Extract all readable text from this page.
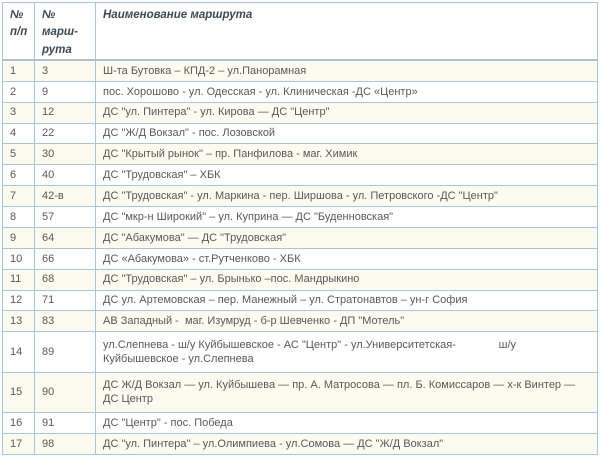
№ п/п	№ марш-рута	Наименование маршрута
1	3	Ш-та Бутовка – КПД-2 – ул.Панорамная
2	9	пос. Хорошово - ул. Одесская - ул. Клиническая -ДС «Центр»
3	12	ДС "ул. Пинтера" - ул. Кирова — ДС "Центр"
4	22	ДС "Ж/Д Вокзал" - пос. Лозовской
5	30	ДС "Крытый рынок" – пр. Панфилова - маг. Химик
6	40	ДС "Трудовская" – ХБК
7	42-в	ДС "Трудовская" - ул. Маркина - пер. Ширшова - ул. Петровского -ДС "Центр"
8	57	ДС "мкр-н Широкий" – ул. Куприна — ДС "Буденновская"
9	64	ДС "Абакумова" — ДС "Трудовская"
10	66	ДС «Абакумова» - ст.Рутченково - ХБК
11	68	ДС "Трудовская" – ул. Брынько –пос. Мандрыкино
12	71	ДС ул. Артемовская – пер. Манежный – ул. Стратонавтов – ун-г София
13	83	АВ Западный -  маг. Изумруд - б-р Шевченко - ДП "Мотель"
14	89	ул.Слепнева - ш/у Куйбышевское - АС "Центр" - ул.Университетская-              ш/у Куйбышевское - ул.Слепнева
15	90	ДС Ж/Д Вокзал — ул. Куйбышева — пр. А. Матросова — пл. Б. Комиссаров — х-к Винтер — ДС Центр
16	91	ДС "Центр" - пос. Победа
17	98	ДС "ул. Пинтера" – ул.Олимпиева - ул.Сомова — ДС "Ж/Д Вокзал"
